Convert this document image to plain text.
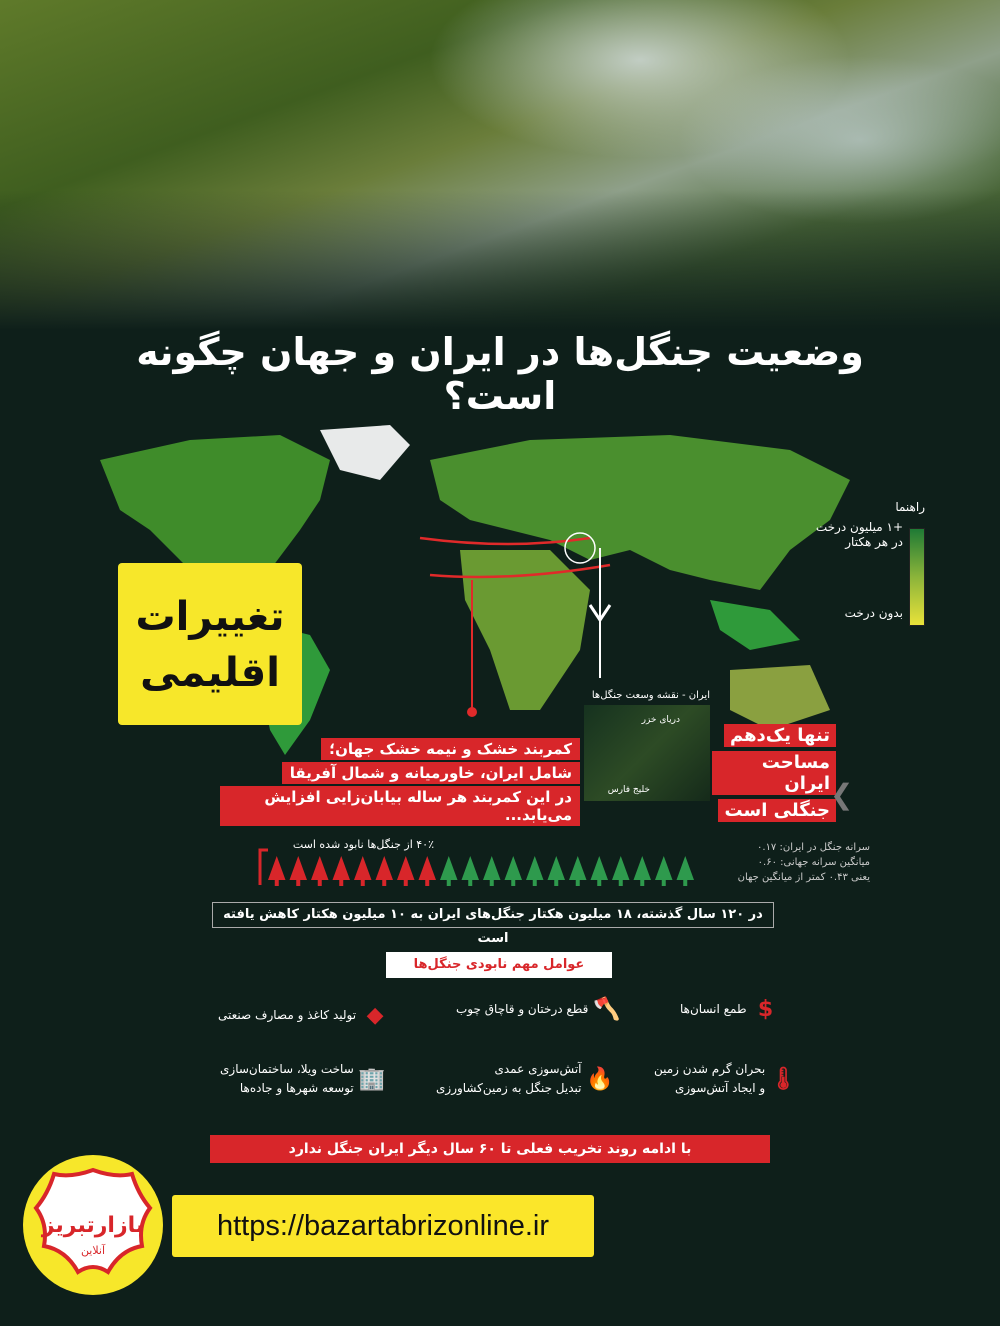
وضعیت جنگل‌ها در ایران و جهان چگونه است؟
راهنما
+۱ میلیون درخت در هر هکتار
بدون درخت
تغییرات
اقلیمی
کمربند خشک و نیمه خشک جهان؛
شامل ایران، خاورمیانه و شمال آفریقا
در این کمربند هر ساله بیابان‌زایی افزایش می‌یابد...
ایران - نقشه وسعت جنگل‌ها
دریای خزر
خلیج فارس
تنها یک‌دهم مساحت ایران جنگلی است ❮
۴۰٪ از جنگل‌ها نابود شده است	سرانه جنگل در ایران: ۰.۱۷
میانگین سرانه جهانی: ۰.۶۰
یعنی ۰.۴۳ کمتر از میانگین جهان
در ۱۲۰ سال گذشته، ۱۸ میلیون هکتار جنگل‌های ایران به ۱۰ میلیون هکتار کاهش یافته است
عوامل مهم نابودی جنگل‌ها
$
طمع انسان‌ها
🪓
قطع درختان و قاچاق چوب
◆
تولید کاغذ و مصارف صنعتی
🌡
بحران گرم شدن زمین
و ایجاد آتش‌سوزی
🔥
آتش‌سوزی عمدی
تبدیل جنگل به زمین‌کشاورزی
🏢
ساخت ویلا، ساختمان‌سازی
توسعه شهرها و جاده‌ها
با ادامه روند تخریب فعلی تا ۶۰ سال دیگر ایران جنگل ندارد
بازارتبریز
آنلاین
https://bazartabrizonline.ir
